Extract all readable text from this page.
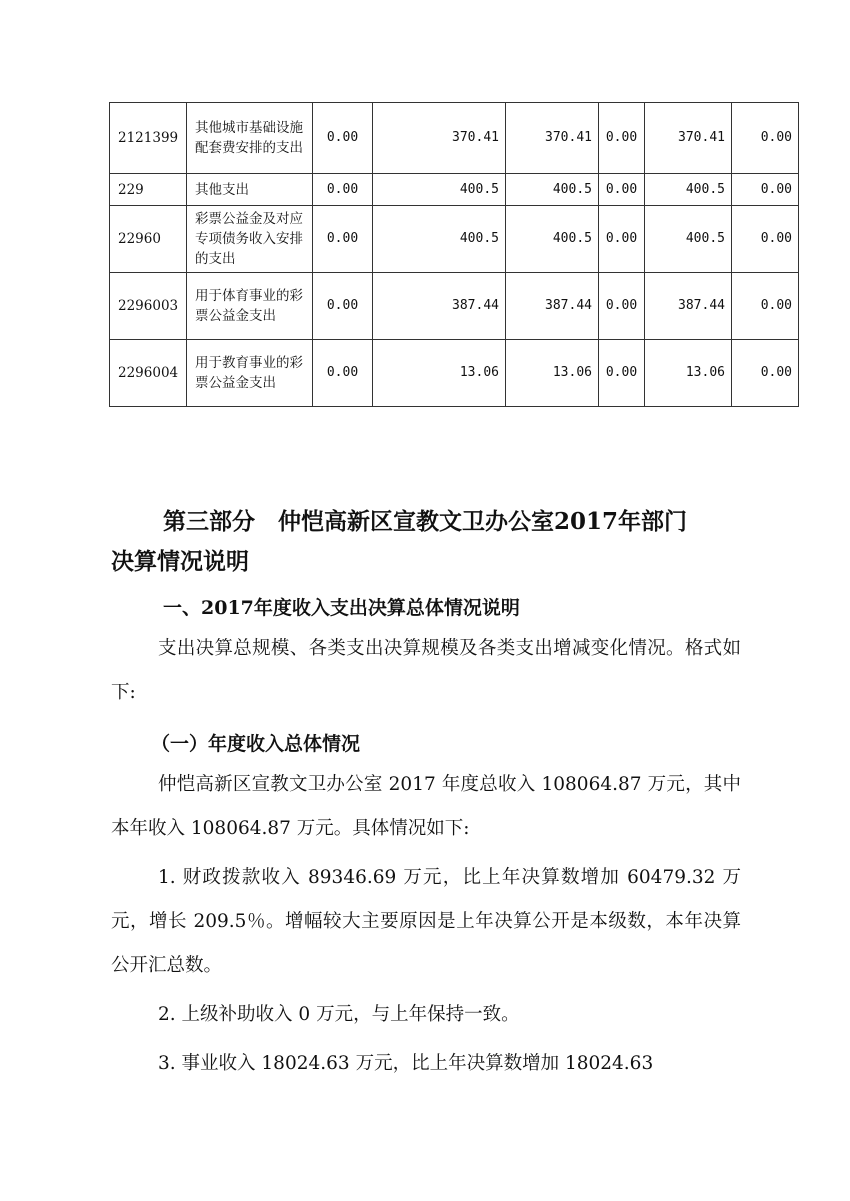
2121399	其他城市基础设施配套费安排的支出	0.00	370.41	370.41	0.00	370.41	0.00
229	其他支出	0.00	400.5	400.5	0.00	400.5	0.00
22960	彩票公益金及对应专项债务收入安排的支出	0.00	400.5	400.5	0.00	400.5	0.00
2296003	用于体育事业的彩票公益金支出	0.00	387.44	387.44	0.00	387.44	0.00
2296004	用于教育事业的彩票公益金支出	0.00	13.06	13.06	0.00	13.06	0.00

第三部分　仲恺高新区宣教文卫办公室2017年部门

决算情况说明

一、2017年度收入支出决算总体情况说明

支出决算总规模、各类支出决算规模及各类支出增减变化情况。格式如下:

（一）年度收入总体情况

仲恺高新区宣教文卫办公室 2017 年度总收入 108064.87 万元，其中本年收入 108064.87 万元。具体情况如下:

1. 财政拨款收入 89346.69 万元，比上年决算数增加 60479.32 万元，增长 209.5％。增幅较大主要原因是上年决算公开是本级数，本年决算公开汇总数。

2. 上级补助收入 0 万元，与上年保持一致。

3. 事业收入 18024.63 万元，比上年决算数增加 18024.63
